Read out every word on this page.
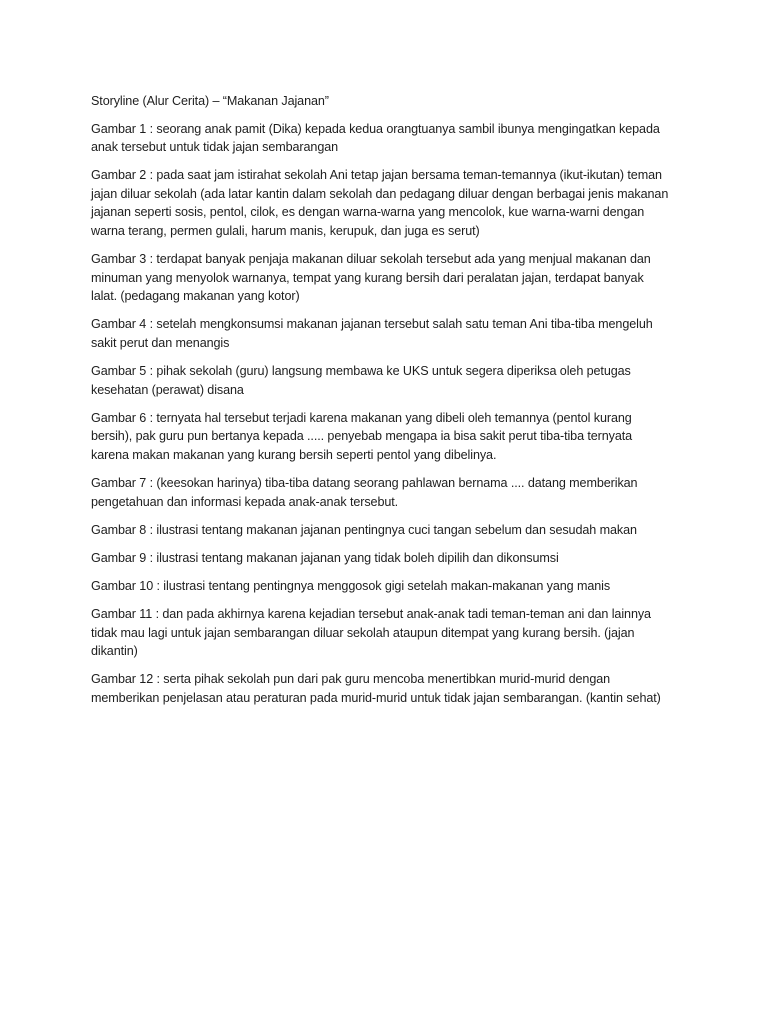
Storyline (Alur Cerita) – “Makanan Jajanan”

Gambar 1 : seorang anak pamit (Dika) kepada kedua orangtuanya sambil ibunya mengingatkan kepada anak tersebut untuk tidak jajan sembarangan

Gambar 2 : pada saat jam istirahat sekolah Ani tetap jajan bersama teman-temannya (ikut-ikutan) teman jajan diluar sekolah (ada latar kantin dalam sekolah dan pedagang diluar dengan berbagai jenis makanan jajanan seperti sosis, pentol, cilok, es dengan warna-warna yang mencolok, kue warna-warni dengan warna terang, permen gulali, harum manis, kerupuk, dan juga es serut)

Gambar 3 : terdapat banyak penjaja makanan diluar sekolah tersebut ada yang menjual makanan dan minuman yang menyolok warnanya, tempat yang kurang bersih dari peralatan jajan, terdapat banyak lalat. (pedagang makanan yang kotor)

Gambar 4 : setelah mengkonsumsi makanan jajanan tersebut salah satu teman Ani tiba-tiba mengeluh sakit perut dan menangis

Gambar 5 : pihak sekolah (guru) langsung membawa ke UKS untuk segera diperiksa oleh petugas kesehatan (perawat) disana

Gambar 6 : ternyata hal tersebut terjadi karena makanan yang dibeli oleh temannya (pentol kurang bersih), pak guru pun bertanya kepada ..... penyebab mengapa ia bisa sakit perut tiba-tiba ternyata karena makan makanan yang kurang bersih seperti pentol yang dibelinya.

Gambar 7 : (keesokan harinya) tiba-tiba datang seorang pahlawan bernama .... datang memberikan pengetahuan dan informasi kepada anak-anak tersebut.

Gambar 8 : ilustrasi tentang makanan jajanan pentingnya cuci tangan sebelum dan sesudah makan

Gambar 9 : ilustrasi tentang makanan jajanan yang tidak boleh dipilih dan dikonsumsi

Gambar 10 : ilustrasi tentang pentingnya menggosok gigi setelah makan-makanan yang manis

Gambar 11 : dan pada akhirnya karena kejadian tersebut anak-anak tadi teman-teman ani dan lainnya tidak mau lagi untuk jajan sembarangan diluar sekolah ataupun ditempat yang kurang bersih. (jajan dikantin)

Gambar 12 : serta pihak sekolah pun dari pak guru mencoba menertibkan murid-murid dengan memberikan penjelasan atau peraturan pada murid-murid untuk tidak jajan sembarangan. (kantin sehat)
